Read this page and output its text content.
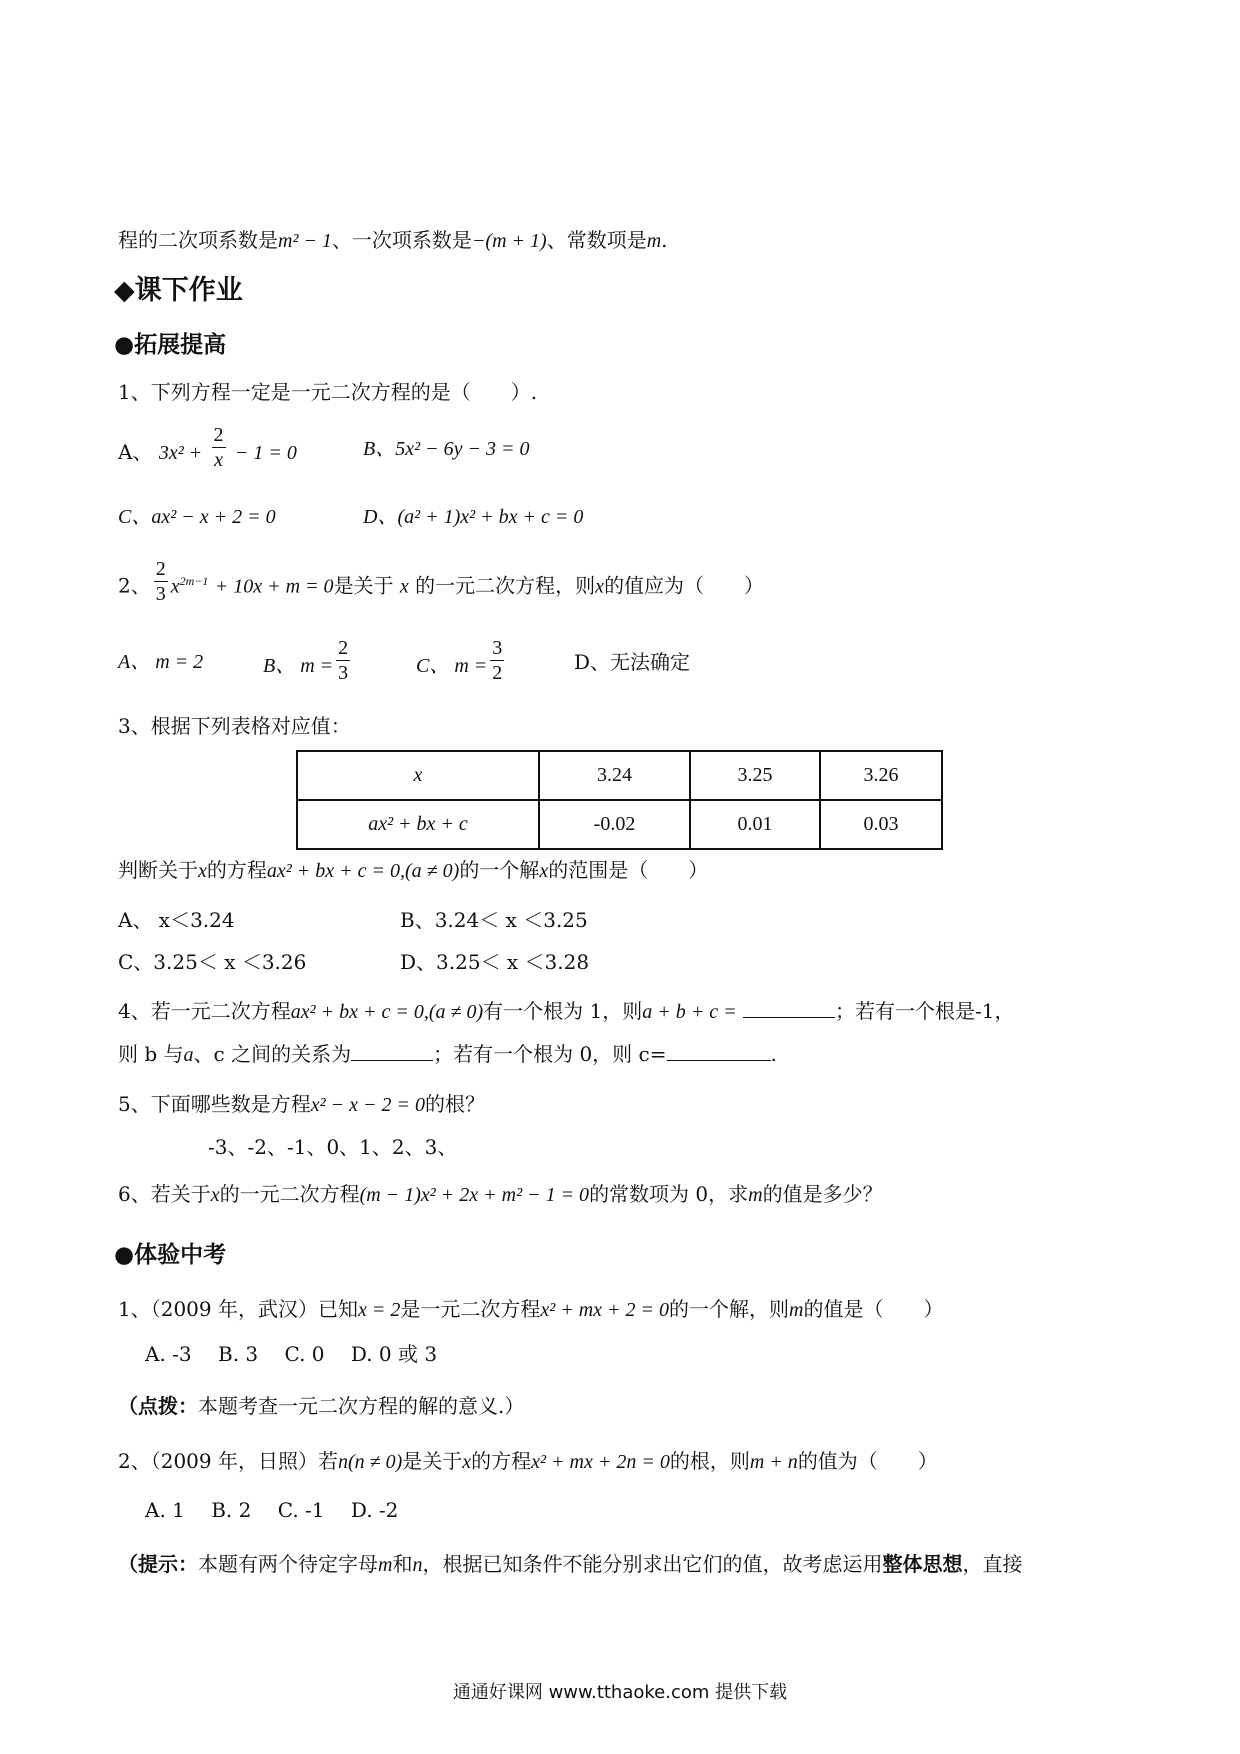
程的二次项系数是m² − 1、一次项系数是−(m + 1)、常数项是m.
◆课下作业
●拓展提高
1、下列方程一定是一元二次方程的是（　　）.
A、 $3x^2 + \frac{2}{x} - 1 = 0$	B、5x² − 6y − 3 = 0
C、ax² − x + 2 = 0	D、(a² + 1)x² + bx + c = 0
2、 $\frac{2}{3} x^{2m-1} + 10x + m = 0$是关于 x 的一元二次方程，则x的值应为（　　）
A、 m = 2	B、 $m = \frac{2}{3}$	C、 $m = \frac{3}{2}$	D、无法确定
3、根据下列表格对应值：
x	3.24	3.25	3.26
ax² + bx + c	-0.02	0.01	0.03
判断关于x的方程ax² + bx + c = 0,(a ≠ 0)的一个解x的范围是（　　）
A、 x＜3.24	B、3.24＜ x ＜3.25
C、3.25＜ x ＜3.26	D、3.25＜ x ＜3.28
4、若一元二次方程ax² + bx + c = 0,(a ≠ 0)有一个根为 1，则a + b + c =	；若有一个根是-1，
则 b 与a、c 之间的关系为	；若有一个根为 0，则 c=	.
5、下面哪些数是方程x² − x − 2 = 0的根？
-3、-2、-1、0、1、2、3、
6、若关于x的一元二次方程(m − 1)x² + 2x + m² − 1 = 0的常数项为 0，求m的值是多少？
●体验中考
1、（2009 年，武汉）已知x = 2是一元二次方程x² + mx + 2 = 0的一个解，则m的值是（　　）
A. -3　 B. 3　 C. 0　 D. 0 或 3
（点拨：本题考查一元二次方程的解的意义.）
2、（2009 年，日照）若n(n ≠ 0)是关于x的方程x² + mx + 2n = 0的根，则m + n的值为（　　）
A. 1　 B. 2　 C. -1　 D. -2
（提示：本题有两个待定字母m和n，根据已知条件不能分别求出它们的值，故考虑运用整体思想，直接
通通好课网 www.tthaoke.com 提供下载
